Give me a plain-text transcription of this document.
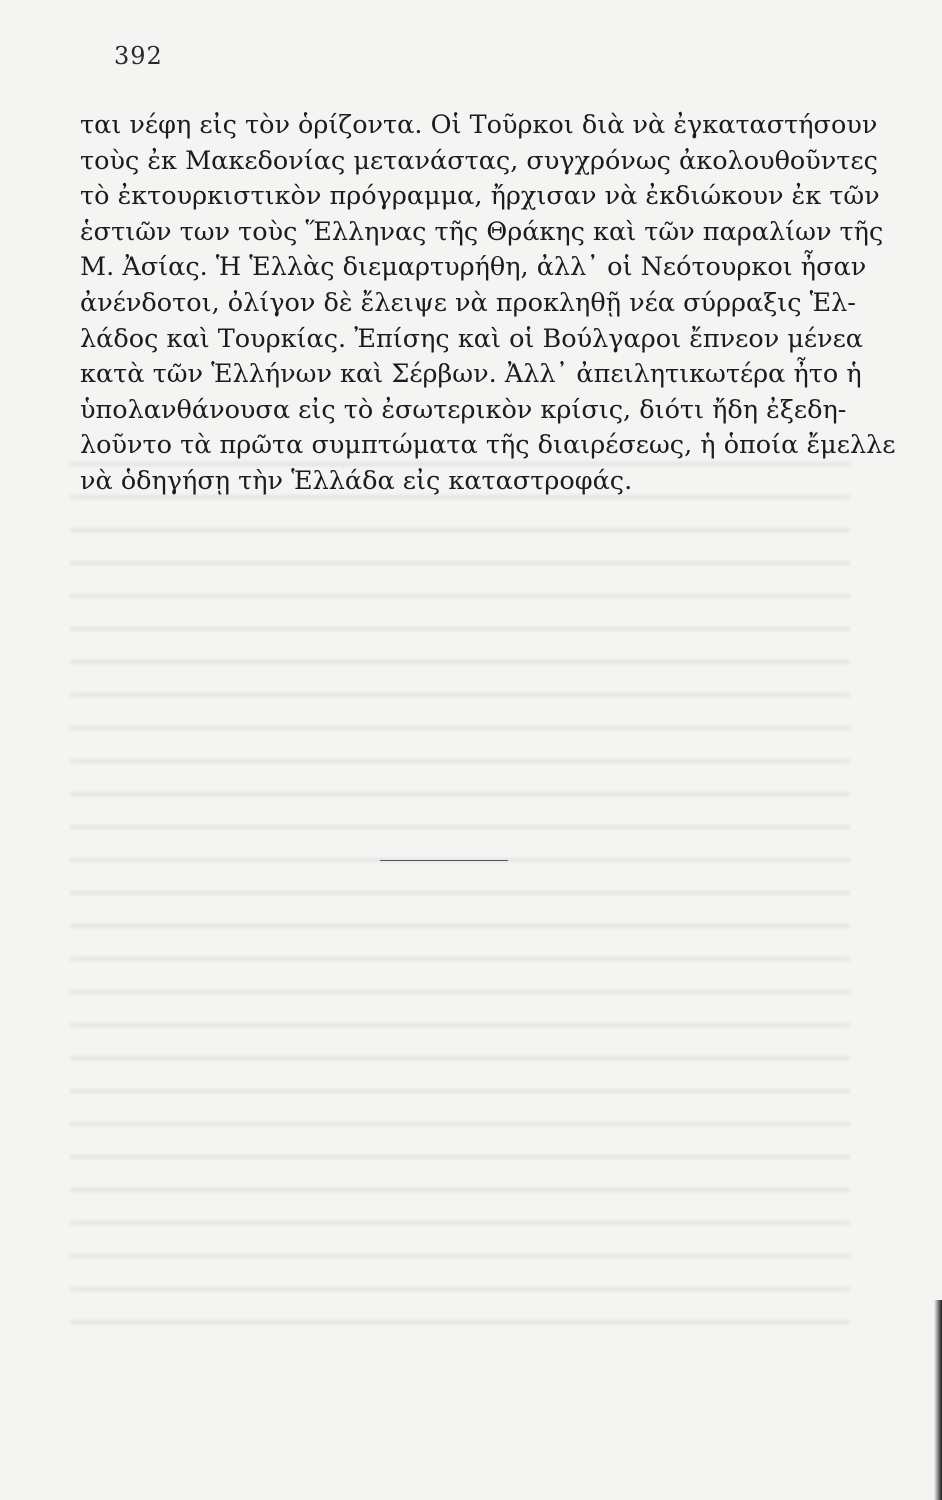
392
ται νέφη εἰς τὸν ὁρίζοντα. Οἱ Τοῦρκοι διὰ νὰ ἐγκαταστήσουν
τοὺς ἐκ Μακεδονίας μετανάστας, συγχρόνως ἀκολουθοῦντες
τὸ ἐκτουρκιστικὸν πρόγραμμα, ἤρχισαν νὰ ἐκδιώκουν ἐκ τῶν
ἑστιῶν των τοὺς Ἕλληνας τῆς Θράκης καὶ τῶν παραλίων τῆς
Μ. Ἀσίας. Ἡ Ἑλλὰς διεμαρτυρήθη, ἀλλ᾽ οἱ Νεότουρκοι ἦσαν
ἀνένδοτοι, ὀλίγον δὲ ἔλειψε νὰ προκληθῇ νέα σύρραξις Ἑλ-
λάδος καὶ Τουρκίας. Ἐπίσης καὶ οἱ Βούλγαροι ἔπνεον μένεα
κατὰ τῶν Ἑλλήνων καὶ Σέρβων. Ἀλλ᾽ ἀπειλητικωτέρα ἦτο ἡ
ὑπολανθάνουσα εἰς τὸ ἐσωτερικὸν κρίσις, διότι ἤδη ἐξεδη-
λοῦντο τὰ πρῶτα συμπτώματα τῆς διαιρέσεως, ἡ ὁποία ἔμελλε
νὰ ὁδηγήσῃ τὴν Ἑλλάδα εἰς καταστροφάς.
